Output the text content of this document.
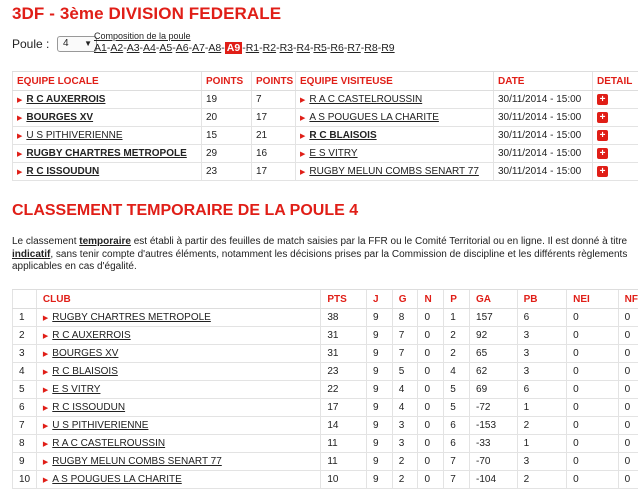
3DF - 3ème DIVISION FEDERALE
Poule :	4 ▼
Composition de la poule
A1-A2-A3-A4-A5-A6-A7-A8- A9 -R1-R2-R3-R4-R5-R6-R7-R8-R9
EQUIPE LOCALE	POINTS	POINTS	EQUIPE VISITEUSE	DATE	DETAIL
▶ R C AUXERROIS	19	7	▶ R A C CASTELROUSSIN	30/11/2014 - 15:00	+
▶ BOURGES XV	20	17	▶ A S POUGUES LA CHARITE	30/11/2014 - 15:00	+
▶ U S PITHIVERIENNE	15	21	▶ R C BLAISOIS	30/11/2014 - 15:00	+
▶ RUGBY CHARTRES METROPOLE	29	16	▶ E S VITRY	30/11/2014 - 15:00	+
▶ R C ISSOUDUN	23	17	▶ RUGBY MELUN COMBS SENART 77	30/11/2014 - 15:00	+
CLASSEMENT TEMPORAIRE DE LA POULE 4
Le classement temporaire est établi à partir des feuilles de match saisies par la FFR ou le Comité Territorial ou en ligne. Il est donné à titre indicatif, sans tenir compte d'autres éléments, notamment les décisions prises par la Commission de discipline et les différents règlements applicables en cas d'égalité.
	CLUB	PTS	J	G	N	P	GA	PB	NEI	NF
1	▶ RUGBY CHARTRES METROPOLE	38	9	8	0	1	157	6	0	0
2	▶ R C AUXERROIS	31	9	7	0	2	92	3	0	0
3	▶ BOURGES XV	31	9	7	0	2	65	3	0	0
4	▶ R C BLAISOIS	23	9	5	0	4	62	3	0	0
5	▶ E S VITRY	22	9	4	0	5	69	6	0	0
6	▶ R C ISSOUDUN	17	9	4	0	5	-72	1	0	0
7	▶ U S PITHIVERIENNE	14	9	3	0	6	-153	2	0	0
8	▶ R A C CASTELROUSSIN	11	9	3	0	6	-33	1	0	0
9	▶ RUGBY MELUN COMBS SENART 77	11	9	2	0	7	-70	3	0	0
10	▶ A S POUGUES LA CHARITE	10	9	2	0	7	-104	2	0	0
